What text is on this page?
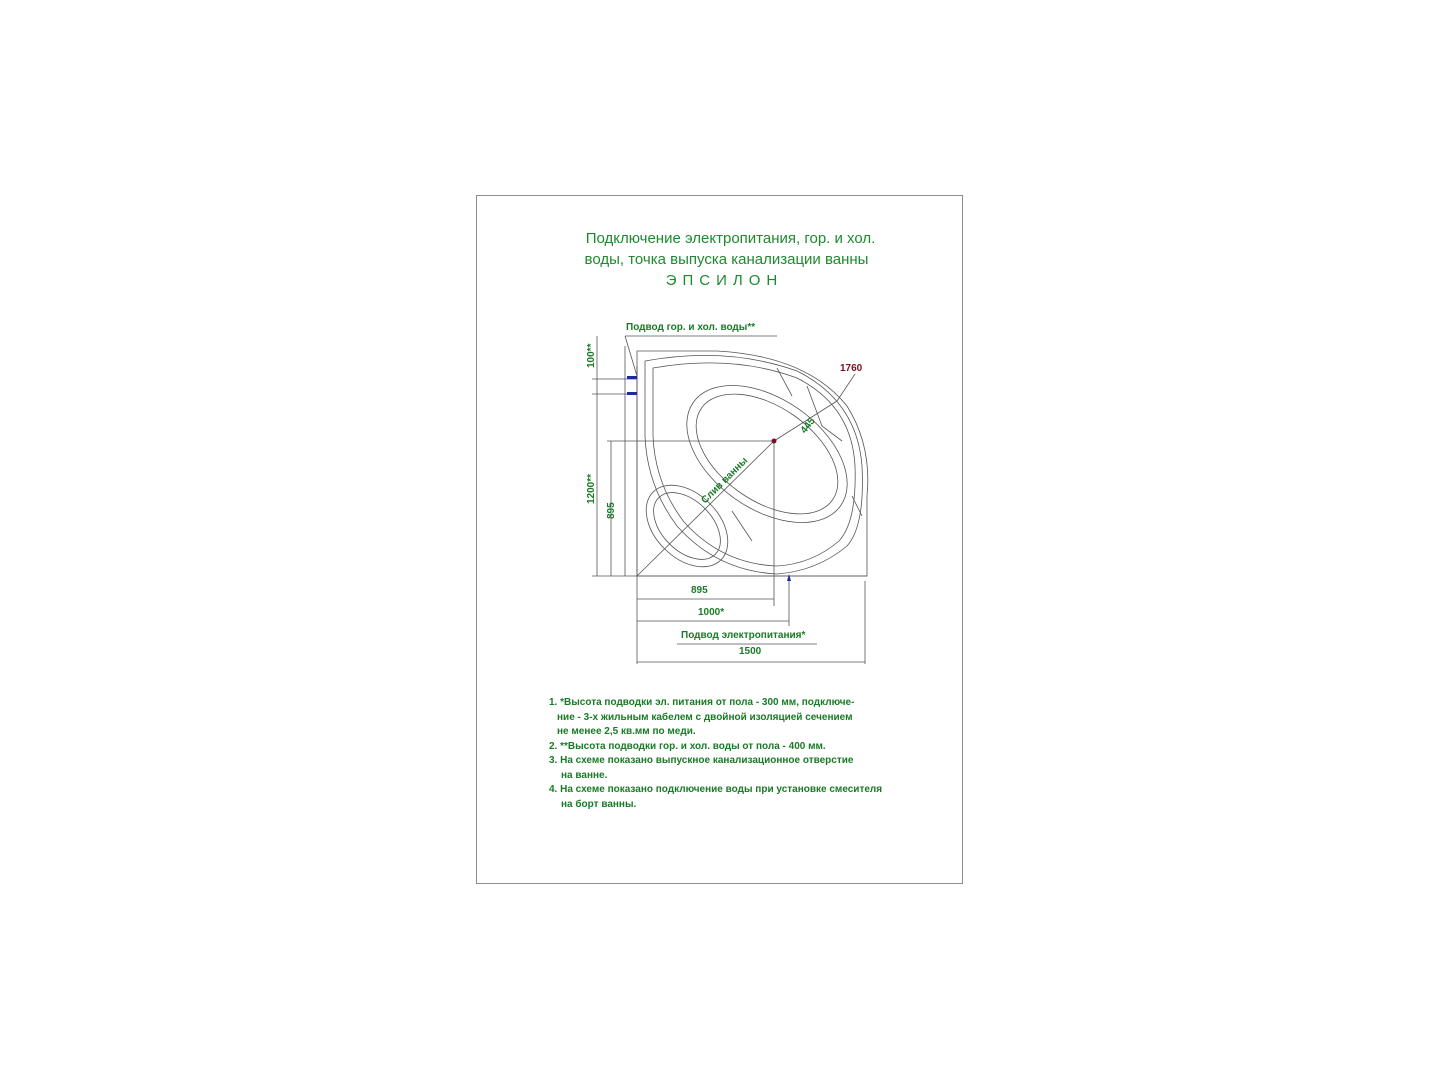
Подключение электропитания, гор. и хол.
воды, точка выпуска канализации ванны
ЭПСИЛОН
Подвод гор. и хол. воды**
1760
445
Слив ванны
100**
1200**
895
895
1000*
Подвод электропитания*
1500
1. *Высота подводки эл. питания от пола - 300 мм, подключе-
ние - 3-х жильным кабелем с двойной изоляцией сечением
не менее 2,5 кв.мм по меди.
2. **Высота подводки гор. и хол. воды от пола - 400 мм.
3. На схеме показано выпускное канализационное отверстие
на ванне.
4. На схеме показано подключение воды при установке смесителя
на борт ванны.
